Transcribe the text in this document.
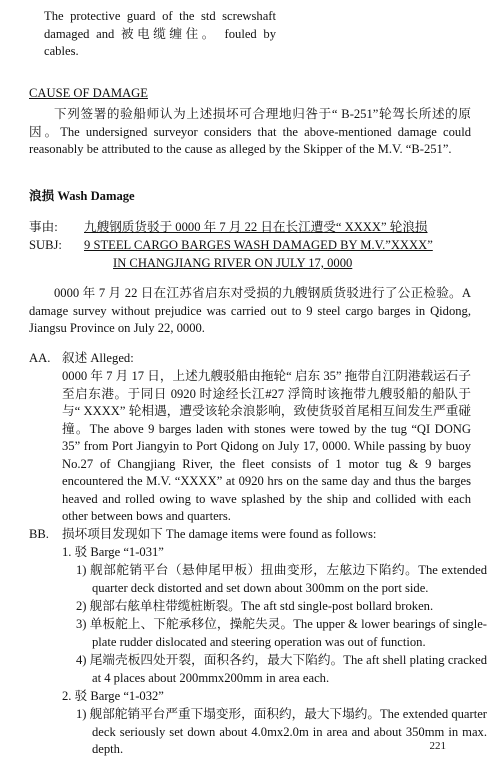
The protective guard of the std screwshaft damaged and 被电缆缠住。 fouled by cables.

CAUSE OF DAMAGE

下列签署的验船师认为上述损坏可合理地归咎于“ B-251”轮驾长所述的原因。The undersigned surveyor considers that the above-mentioned damage could reasonably be attributed to the cause as alleged by the Skipper of the M.V. “B-251”.

浪损 Wash Damage
事由: 九艘钢质货驳于 0000 年 7 月 22 日在长江遭受“ XXXX” 轮浪损
SUBJ: 9 STEEL CARGO BARGES WASH DAMAGED BY M.V.”XXXX”
IN CHANGJIANG RIVER ON JULY 17, 0000

0000 年 7 月 22 日在江苏省启东对受损的九艘钢质货驳进行了公正检验。A damage survey without prejudice was carried out to 9 steel cargo barges in Qidong, Jiangsu Province on July 22, 0000.

AA. 叙述 Alleged:

0000 年 7 月 17 日，上述九艘驳船由拖轮“ 启东 35” 拖带自江阴港载运石子至启东港。于同日 0920 时途经长江#27 浮筒时该拖带九艘驳船的船队于与“ XXXX” 轮相遇，遭受该轮余浪影响，致使货驳首尾相互间发生严重碰撞。The above 9 barges laden with stones were towed by the tug “QI DONG 35” from Port Jiangyin to Port Qidong on July 17, 0000. While passing by buoy No.27 of Changjiang River, the fleet consists of 1 motor tug & 9 barges encountered the M.V. “XXXX” at 0920 hrs on the same day and thus the barges heaved and rolled owing to wave splashed by the ship and collided with each other between bows and quarters.

BB. 损坏项目发现如下 The damage items were found as follows:
1. 驳 Barge “1-031”

1) 舰部舵销平台（悬伸尾甲板）扭曲变形，左舷边下陷约。The extended quarter deck distorted and set down about 300mm on the port side.

2) 舰部右舷单柱带缆桩断裂。The aft std single-post bollard broken.

3) 单板舵上、下舵承移位，操舵失灵。The upper & lower bearings of single-plate rudder dislocated and steering operation was out of function.

4) 尾端壳板四处开裂，面积各约，最大下陷约。The aft shell plating cracked at 4 places about 200mmx200mm in area each.

2. 驳 Barge “1-032”

1) 舰部舵销平台严重下塌变形，面积约，最大下塌约。The extended quarter deck seriously set down about 4.0mx2.0m in area and about 350mm in max. depth.	221
